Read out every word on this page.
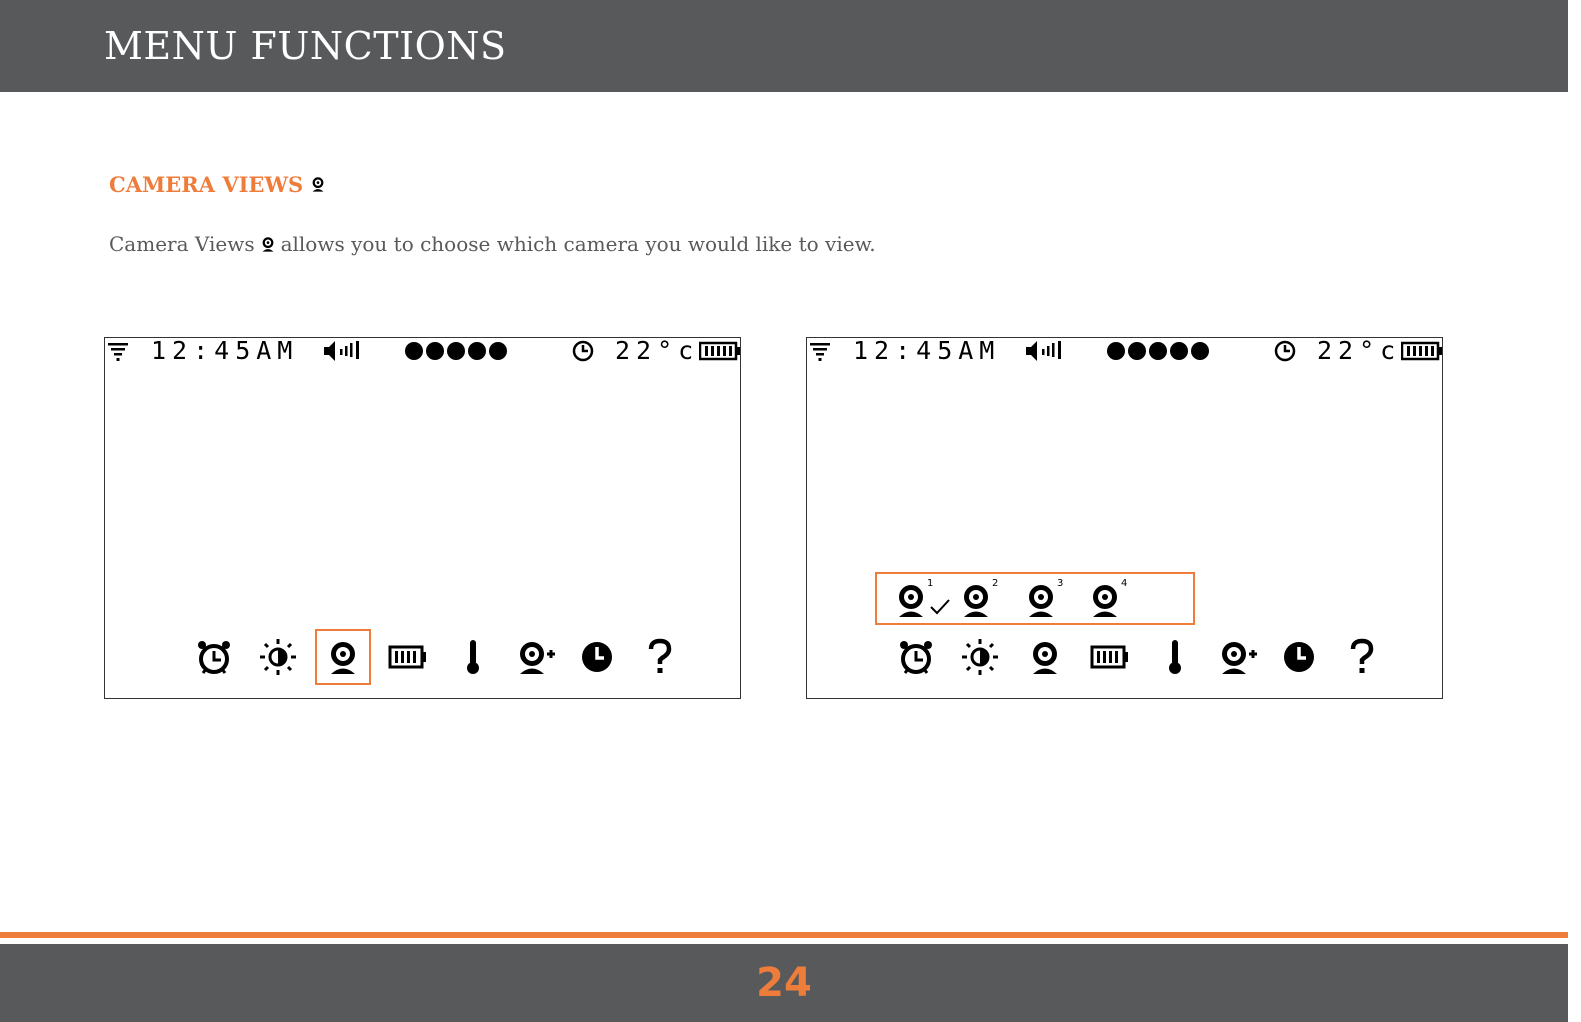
MENU FUNCTIONS
CAMERA VIEWS
Camera Views allows you to choose which camera you would like to view.
12:45AM	22°c	12:45AM	22°c
1	2	3	4
24
